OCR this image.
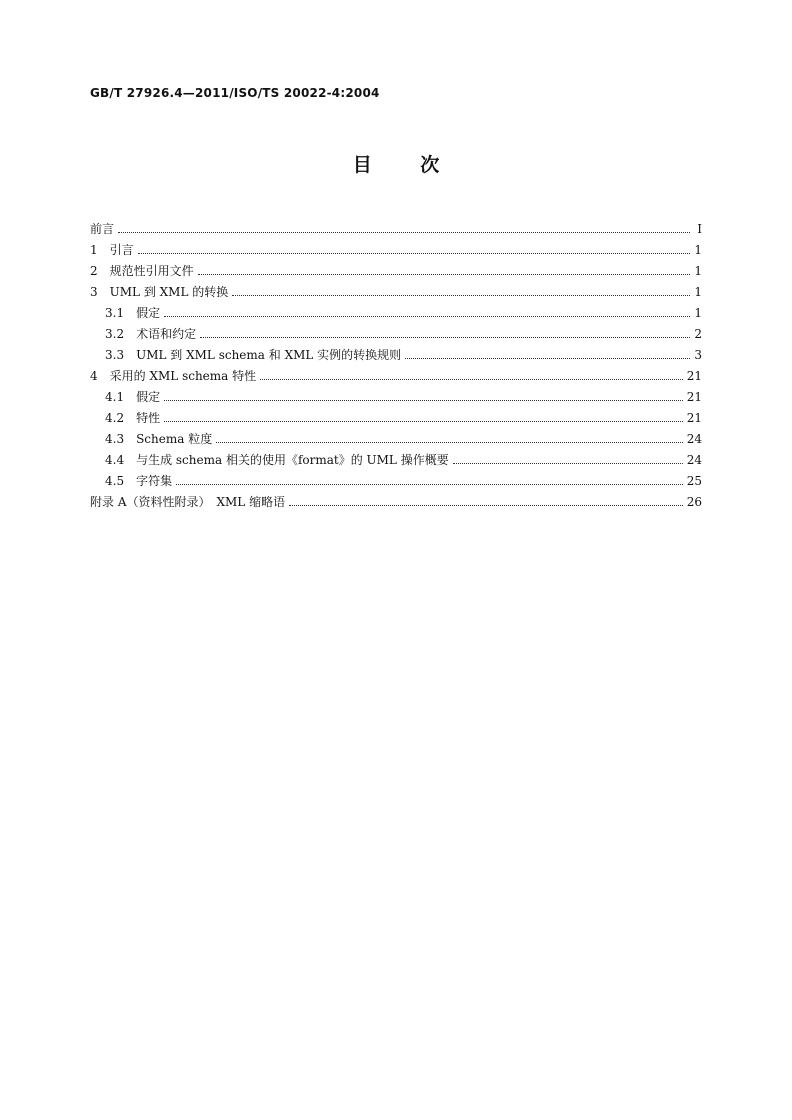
GB/T 27926.4—2011/ISO/TS 20022-4:2004
目 次
前言	I
1　引言	1
2　规范性引用文件	1
3　UML 到 XML 的转换	1
3.1　假定	1
3.2　术语和约定	2
3.3　UML 到 XML schema 和 XML 实例的转换规则	3
4　采用的 XML schema 特性	21
4.1　假定	21
4.2　特性	21
4.3　Schema 粒度	24
4.4　与生成 schema 相关的使用《format》的 UML 操作概要	24
4.5　字符集	25
附录 A（资料性附录）　XML 缩略语	26
